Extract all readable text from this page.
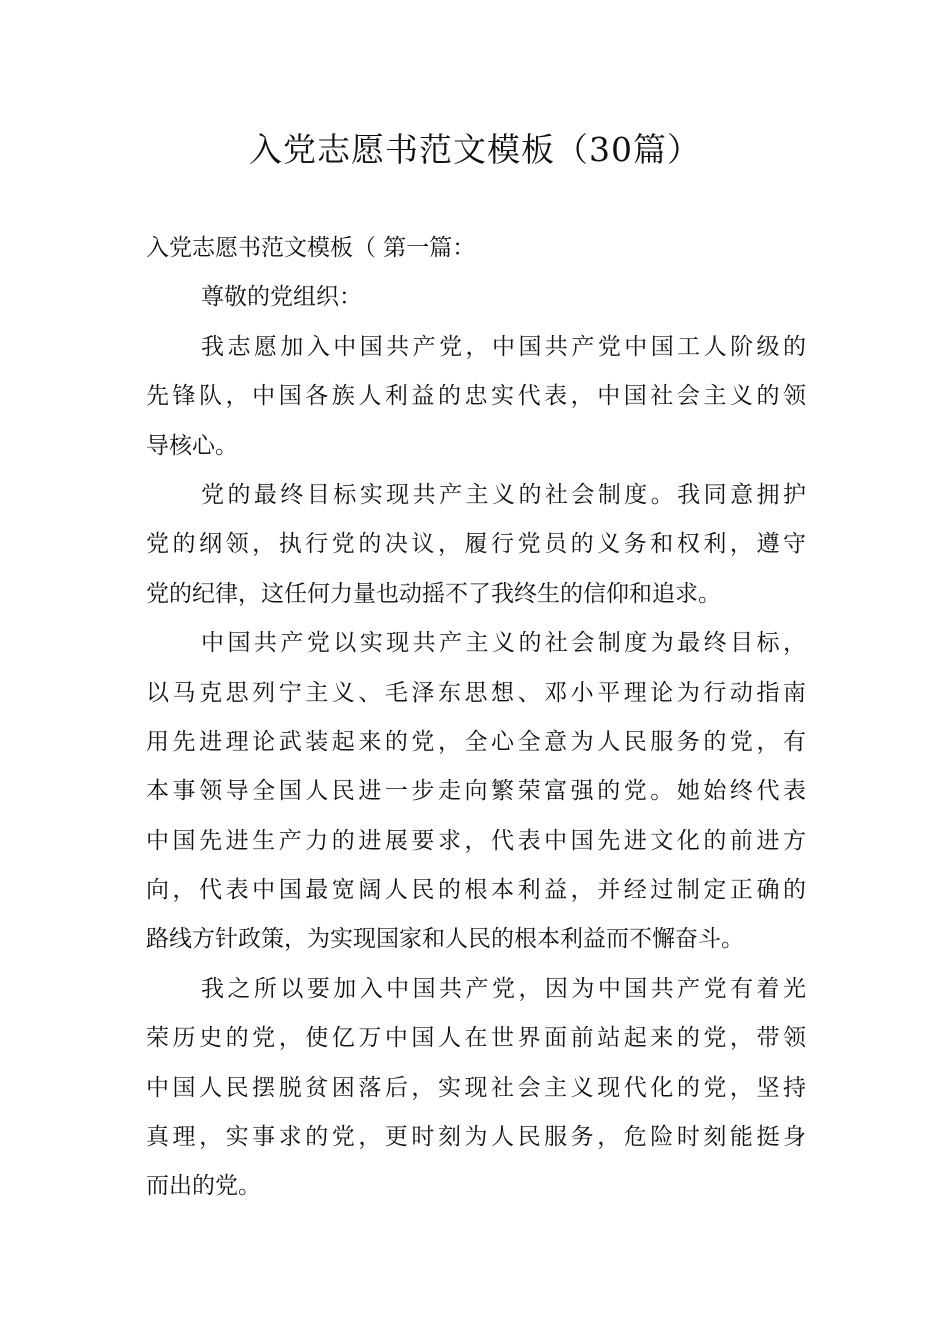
入党志愿书范文模板（30篇）
入党志愿书范文模板（ 第一篇：
尊敬的党组织：
我志愿加入中国共产党，中国共产党中国工人阶级的
先锋队，中国各族人利益的忠实代表，中国社会主义的领
导核心。
党的最终目标实现共产主义的社会制度。我同意拥护
党的纲领，执行党的决议，履行党员的义务和权利，遵守
党的纪律，这任何力量也动摇不了我终生的信仰和追求。
中国共产党以实现共产主义的社会制度为最终目标，
以马克思列宁主义、毛泽东思想、邓小平理论为行动指南
用先进理论武装起来的党，全心全意为人民服务的党，有
本事领导全国人民进一步走向繁荣富强的党。她始终代表
中国先进生产力的进展要求，代表中国先进文化的前进方
向，代表中国最宽阔人民的根本利益，并经过制定正确的
路线方针政策，为实现国家和人民的根本利益而不懈奋斗。
我之所以要加入中国共产党，因为中国共产党有着光
荣历史的党，使亿万中国人在世界面前站起来的党，带领
中国人民摆脱贫困落后，实现社会主义现代化的党，坚持
真理，实事求的党，更时刻为人民服务，危险时刻能挺身
而出的党。
